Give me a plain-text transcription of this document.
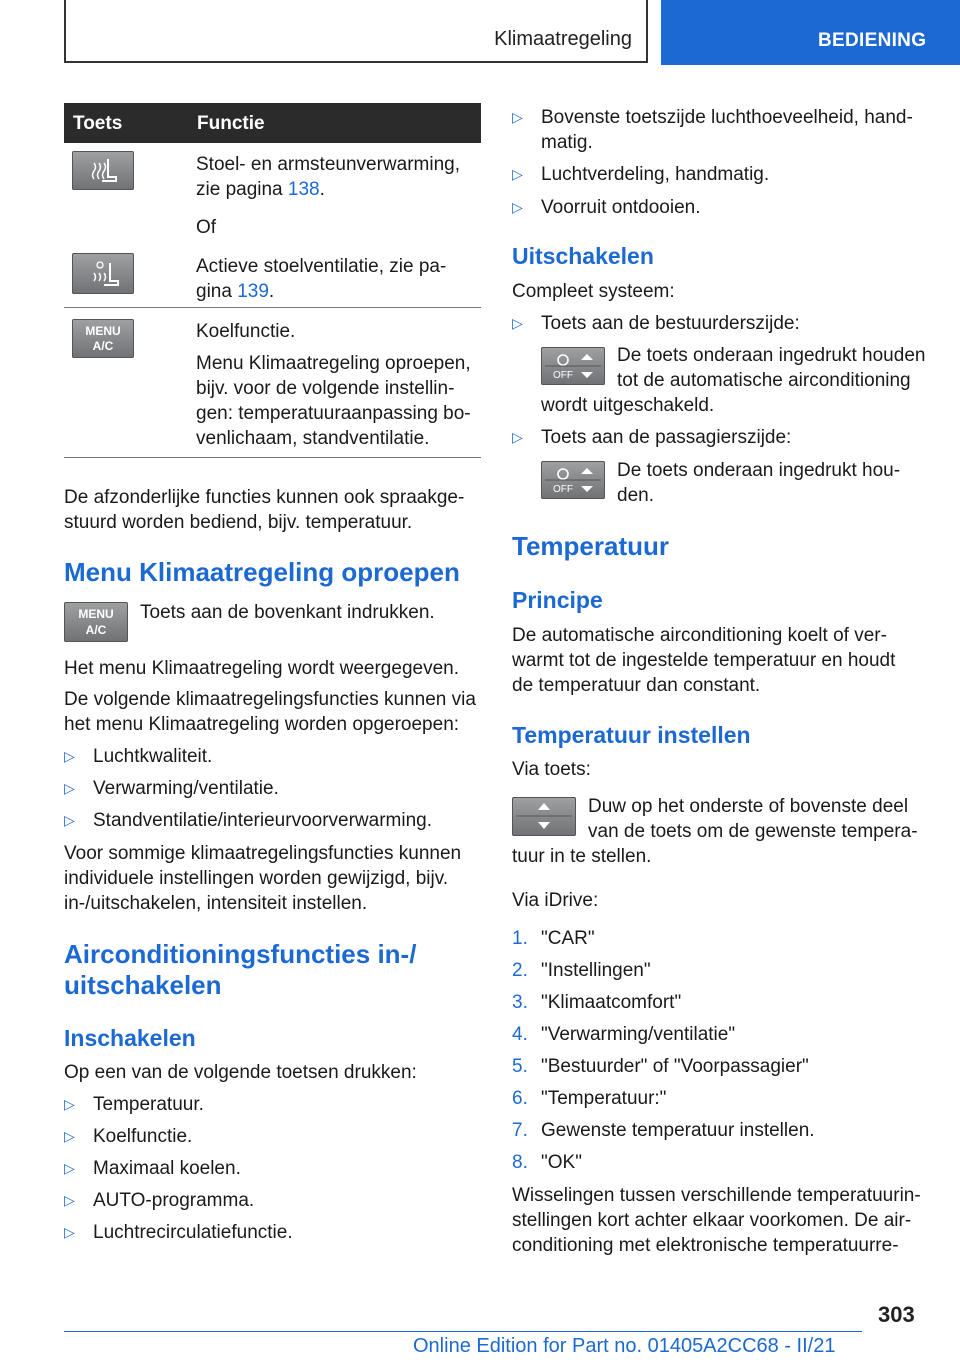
Klimaatregeling	BEDIENING
Toets	Functie

Stoel- en armsteunverwarming,
zie pagina 138.

Of

Actieve stoelventilatie, zie pa-
gina 139.

MENU
A/C

Koelfunctie.

Menu Klimaatregeling oproepen,
bijv. voor de volgende instellin-
gen: temperatuuraanpassing bo-
venlichaam, standventilatie.

De afzonderlijke functies kunnen ook spraakge-
stuurd worden bediend, bijv. temperatuur.

Menu Klimaatregeling oproepen
MENU
A/C

Toets aan de bovenkant indrukken.

Het menu Klimaatregeling wordt weergegeven.

De volgende klimaatregelingsfuncties kunnen via
het menu Klimaatregeling worden opgeroepen:

▷ Luchtkwaliteit.
▷ Verwarming/ventilatie.
▷ Standventilatie/interieurvoorverwarming.

Voor sommige klimaatregelingsfuncties kunnen
individuele instellingen worden gewijzigd, bijv.
in-/uitschakelen, intensiteit instellen.

Airconditioningsfuncties in-/
uitschakelen
Inschakelen

Op een van de volgende toetsen drukken:

▷ Temperatuur.
▷ Koelfunctie.
▷ Maximaal koelen.
▷ AUTO-programma.
▷ Luchtrecirculatiefunctie.
▷ Bovenste toetszijde luchthoeveelheid, hand-
matig.
▷ Luchtverdeling, handmatig.
▷ Voorruit ontdooien.
Uitschakelen

Compleet systeem:

▷ Toets aan de bestuurderszijde:
OFF

De toets onderaan ingedrukt houden
tot de automatische airconditioning

wordt uitgeschakeld.

▷ Toets aan de passagierszijde:
OFF

De toets onderaan ingedrukt hou-
den.

Temperatuur
Principe

De automatische airconditioning koelt of ver-
warmt tot de ingestelde temperatuur en houdt
de temperatuur dan constant.

Temperatuur instellen

Via toets:

Duw op het onderste of bovenste deel
van de toets om de gewenste tempera-

tuur in te stellen.

Via iDrive:

1. "CAR"
2. "Instellingen"
3. "Klimaatcomfort"
4. "Verwarming/ventilatie"
5. "Bestuurder" of "Voorpassagier"
6. "Temperatuur:"
7. Gewenste temperatuur instellen.
8. "OK"

Wisselingen tussen verschillende temperatuurin-
stellingen kort achter elkaar voorkomen. De air-
conditioning met elektronische temperatuurre-

303
Online Edition for Part no. 01405A2CC68 - II/21
